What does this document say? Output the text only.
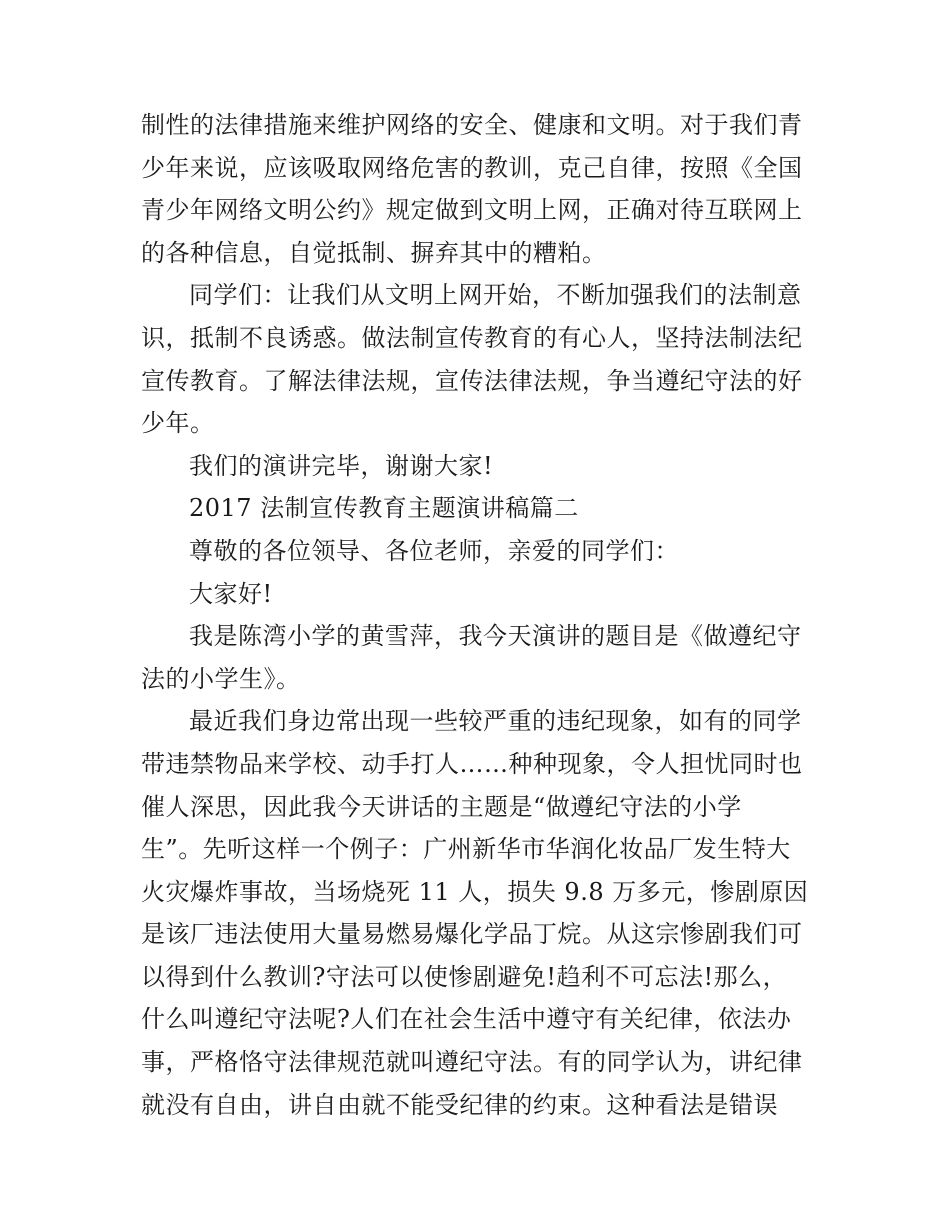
制性的法律措施来维护网络的安全、健康和文明。对于我们青
少年来说，应该吸取网络危害的教训，克己自律，按照《全国
青少年网络文明公约》规定做到文明上网，正确对待互联网上
的各种信息，自觉抵制、摒弃其中的糟粕。
同学们：让我们从文明上网开始，不断加强我们的法制意
识，抵制不良诱惑。做法制宣传教育的有心人，坚持法制法纪
宣传教育。了解法律法规，宣传法律法规，争当遵纪守法的好
少年。
我们的演讲完毕，谢谢大家!
2017 法制宣传教育主题演讲稿篇二
尊敬的各位领导、各位老师，亲爱的同学们：
大家好!
我是陈湾小学的黄雪萍，我今天演讲的题目是《做遵纪守
法的小学生》。
最近我们身边常出现一些较严重的违纪现象，如有的同学
带违禁物品来学校、动手打人……种种现象，令人担忧同时也
催人深思，因此我今天讲话的主题是“做遵纪守法的小学
生”。先听这样一个例子：广州新华市华润化妆品厂发生特大
火灾爆炸事故，当场烧死 11 人，损失 9.8 万多元，惨剧原因
是该厂违法使用大量易燃易爆化学品丁烷。从这宗惨剧我们可
以得到什么教训?守法可以使惨剧避免!趋利不可忘法!那么，
什么叫遵纪守法呢?人们在社会生活中遵守有关纪律，依法办
事，严格恪守法律规范就叫遵纪守法。有的同学认为，讲纪律
就没有自由，讲自由就不能受纪律的约束。这种看法是错误
